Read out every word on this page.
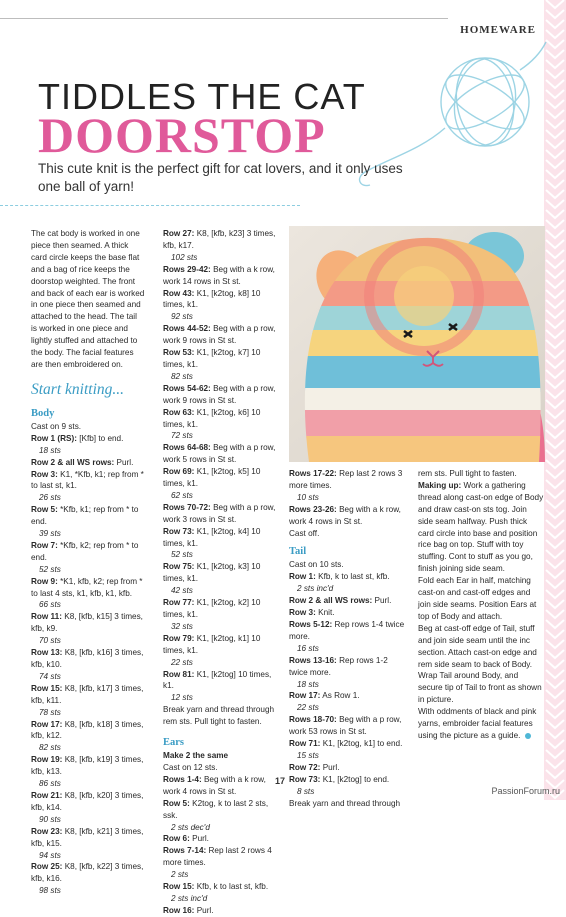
HOMEWARE
TIDDLES THE CAT
DOORSTOP
This cute knit is the perfect gift for cat lovers, and it only uses one ball of yarn!
The cat body is worked in one piece then seamed. A thick card circle keeps the base flat and a bag of rice keeps the doorstop weighted. The front and back of each ear is worked in one piece then seamed and attached to the head. The tail is worked in one piece and lightly stuffed and attached to the body. The facial features are then embroidered on.
Start knitting...
Body
Cast on 9 sts.
Row 1 (RS): [Kfb] to end.
18 sts
Row 2 & all WS rows: Purl.
Row 3: K1, *Kfb, k1; rep from * to last st, k1.
26 sts
Row 5: *Kfb, k1; rep from * to end.
39 sts
Row 7: *Kfb, k2; rep from * to end.
52 sts
Row 9: *K1, kfb, k2; rep from * to last 4 sts, k1, kfb, k1, kfb.
66 sts
Row 11: K8, [kfb, k15] 3 times, kfb, k9.
70 sts
Row 13: K8, [kfb, k16] 3 times, kfb, k10.
74 sts
Row 15: K8, [kfb, k17] 3 times, kfb, k11.
78 sts
Row 17: K8, [kfb, k18] 3 times, kfb, k12.
82 sts
Row 19: K8, [kfb, k19] 3 times, kfb, k13.
86 sts
Row 21: K8, [kfb, k20] 3 times, kfb, k14.
90 sts
Row 23: K8, [kfb, k21] 3 times, kfb, k15.
94 sts
Row 25: K8, [kfb, k22] 3 times, kfb, k16.
98 sts
Row 27: K8, [kfb, k23] 3 times, kfb, k17.
102 sts
Rows 29-42: Beg with a k row, work 14 rows in St st.
Row 43: K1, [k2tog, k8] 10 times, k1.
92 sts
Rows 44-52: Beg with a p row, work 9 rows in St st.
Row 53: K1, [k2tog, k7] 10 times, k1.
82 sts
Rows 54-62: Beg with a p row, work 9 rows in St st.
Row 63: K1, [k2tog, k6] 10 times, k1.
72 sts
Rows 64-68: Beg with a p row, work 5 rows in St st.
Row 69: K1, [k2tog, k5] 10 times, k1.
62 sts
Rows 70-72: Beg with a p row, work 3 rows in St st.
Row 73: K1, [k2tog, k4] 10 times, k1.
52 sts
Row 75: K1, [k2tog, k3] 10 times, k1.
42 sts
Row 77: K1, [k2tog, k2] 10 times, k1.
32 sts
Row 79: K1, [k2tog, k1] 10 times, k1.
22 sts
Row 81: K1, [k2tog] 10 times, k1.
12 sts
Break yarn and thread through rem sts. Pull tight to fasten.
Ears
Make 2 the same
Cast on 12 sts.
Rows 1-4: Beg with a k row, work 4 rows in St st.
Row 5: K2tog, k to last 2 sts, ssk.
2 sts dec'd
Row 6: Purl.
Rows 7-14: Rep last 2 rows 4 more times.
2 sts
Row 15: Kfb, k to last st, kfb.
2 sts inc'd
Row 16: Purl.
Rows 17-22: Rep last 2 rows 3 more times.
10 sts
Rows 23-26: Beg with a k row, work 4 rows in St st.
Cast off.
Tail
Cast on 10 sts.
Row 1: Kfb, k to last st, kfb.
2 sts inc'd
Row 2 & all WS rows: Purl.
Row 3: Knit.
Rows 5-12: Rep rows 1-4 twice more.
16 sts
Rows 13-16: Rep rows 1-2 twice more.
18 sts
Row 17: As Row 1.
22 sts
Rows 18-70: Beg with a p row, work 53 rows in St st.
Row 71: K1, [k2tog, k1] to end.
15 sts
Row 72: Purl.
Row 73: K1, [k2tog] to end.
8 sts
Break yarn and thread through
rem sts. Pull tight to fasten.
Making up: Work a gathering thread along cast-on edge of Body and draw cast-on sts tog. Join side seam halfway. Push thick card circle into base and position rice bag on top. Stuff with toy stuffing. Cont to stuff as you go, finish joining side seam.
Fold each Ear in half, matching cast-on and cast-off edges and join side seams. Position Ears at top of Body and attach.
Beg at cast-off edge of Tail, stuff and join side seam until the inc section. Attach cast-on edge and rem side seam to back of Body. Wrap Tail around Body, and secure tip of Tail to front as shown in picture.
With oddments of black and pink yarns, embroider facial features using the picture as a guide.
17
PassionForum.ru
